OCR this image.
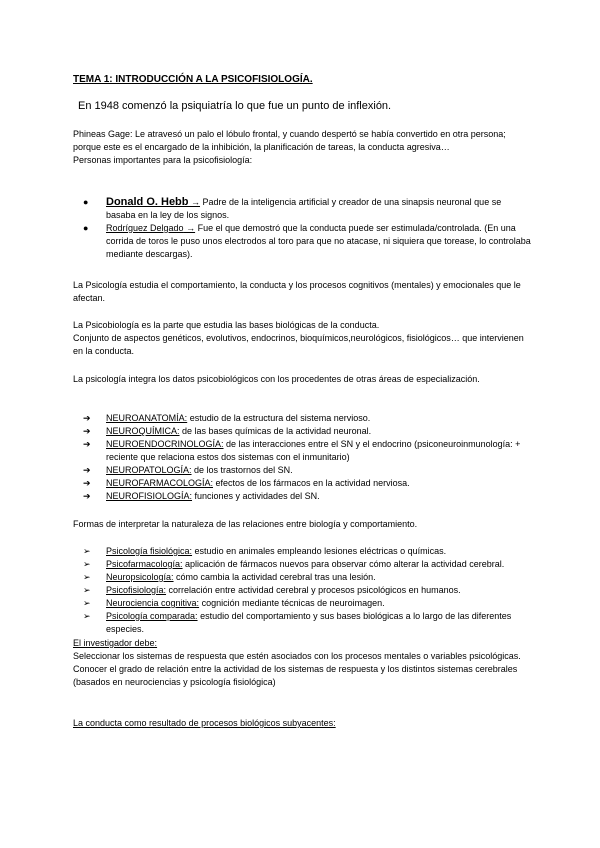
TEMA 1: INTRODUCCIÓN A LA PSICOFISIOLOGÍA.
En 1948 comenzó la psiquiatría lo que fue un punto de inflexión.
Phineas Gage: Le atravesó un palo el lóbulo frontal, y cuando despertó se había convertido en otra persona; porque este es el encargado de la inhibición, la planificación de tareas, la conducta agresiva…
Personas importantes para la psicofisiología:
● Donald O. Hebb → Padre de la inteligencia artificial y creador de una sinapsis neuronal que se basaba en la ley de los signos.
● Rodríguez Delgado → Fue el que demostró que la conducta puede ser estimulada/controlada. (En una corrida de toros le puso unos electrodos al toro para que no atacase, ni siquiera que torease, lo controlaba mediante descargas).
La Psicología estudia el comportamiento, la conducta y los procesos cognitivos (mentales) y emocionales que le afectan.
La Psicobiología es la parte que estudia las bases biológicas de la conducta.
Conjunto de aspectos genéticos, evolutivos, endocrinos, bioquímicos,neurológicos, fisiológicos… que intervienen en la conducta.
La psicología integra los datos psicobiológicos con los procedentes de otras áreas de especialización.
➔ NEUROANATOMÍA: estudio de la estructura del sistema nervioso.
➔ NEUROQUÍMICA: de las bases químicas de la actividad neuronal.
➔ NEUROENDOCRINOLOGÍA: de las interacciones entre el SN y el endocrino (psiconeuroinmunología: + reciente que relaciona estos dos sistemas con el inmunitario)
➔ NEUROPATOLOGÍA: de los trastornos del SN.
➔ NEUROFARMACOLOGÍA: efectos de los fármacos en la actividad nerviosa.
➔ NEUROFISIOLOGÍA: funciones y actividades del SN.
Formas de interpretar la naturaleza de las relaciones entre biología y comportamiento.
➢ Psicología fisiológica: estudio en animales empleando lesiones eléctricas o químicas.
➢ Psicofarmacología: aplicación de fármacos nuevos para observar cómo alterar la actividad cerebral.
➢ Neuropsicología: cómo cambia la actividad cerebral tras una lesión.
➢ Psicofisiología: correlación entre actividad cerebral y procesos psicológicos en humanos.
➢ Neurociencia cognitiva: cognición mediante técnicas de neuroimagen.
➢ Psicología comparada: estudio del comportamiento y sus bases biológicas a lo largo de las diferentes especies.
El investigador debe:
Seleccionar los sistemas de respuesta que estén asociados con los procesos mentales o variables psicológicas.
Conocer el grado de relación entre la actividad de los sistemas de respuesta y los distintos sistemas cerebrales (basados en neurociencias y psicología fisiológica)
La conducta como resultado de procesos biológicos subyacentes:
